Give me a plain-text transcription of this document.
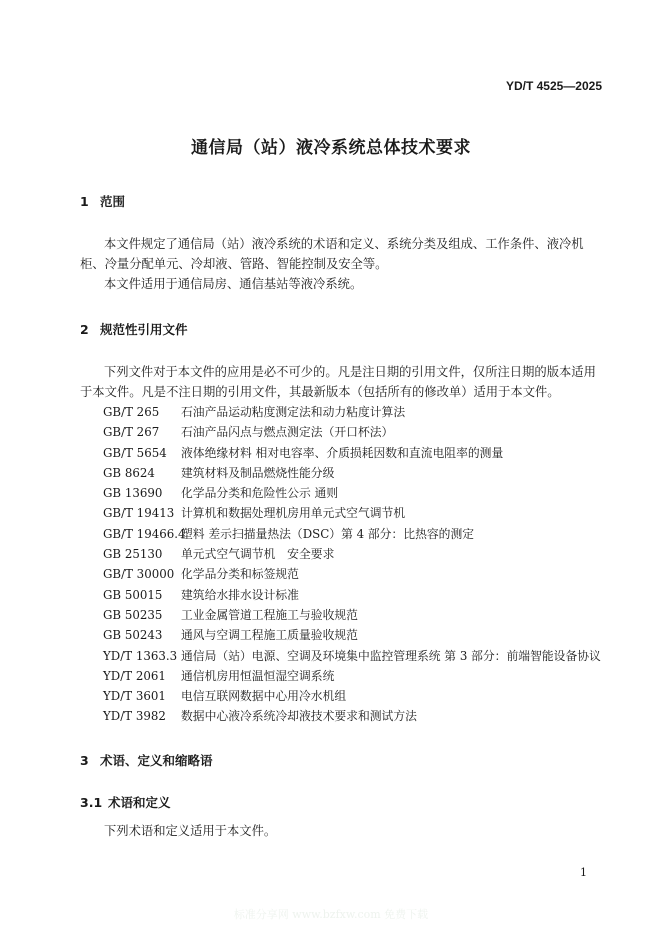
YD/T 4525—2025
通信局（站）液冷系统总体技术要求
1 范围

本文件规定了通信局（站）液冷系统的术语和定义、系统分类及组成、工作条件、液冷机柜、冷量分配单元、冷却液、管路、智能控制及安全等。

本文件适用于通信局房、通信基站等液冷系统。

2 规范性引用文件

下列文件对于本文件的应用是必不可少的。凡是注日期的引用文件，仅所注日期的版本适用于本文件。凡是不注日期的引用文件，其最新版本（包括所有的修改单）适用于本文件。

GB/T 265 石油产品运动粘度测定法和动力粘度计算法
GB/T 267 石油产品闪点与燃点测定法（开口杯法）
GB/T 5654 液体绝缘材料 相对电容率、介质损耗因数和直流电阻率的测量
GB 8624 建筑材料及制品燃烧性能分级
GB 13690 化学品分类和危险性公示 通则
GB/T 19413 计算机和数据处理机房用单元式空气调节机
GB/T 19466.4塑料 差示扫描量热法（DSC）第 4 部分：比热容的测定
GB 25130 单元式空气调节机　安全要求
GB/T 30000 化学品分类和标签规范
GB 50015 建筑给水排水设计标准
GB 50235 工业金属管道工程施工与验收规范
GB 50243 通风与空调工程施工质量验收规范
YD/T 1363.3 通信局（站）电源、空调及环境集中监控管理系统 第 3 部分：前端智能设备协议
YD/T 2061 通信机房用恒温恒湿空调系统
YD/T 3601 电信互联网数据中心用冷水机组
YD/T 3982 数据中心液冷系统冷却液技术要求和测试方法
3 术语、定义和缩略语
3.1 术语和定义

下列术语和定义适用于本文件。

1
标准分享网 www.bzfxw.com 免费下载
